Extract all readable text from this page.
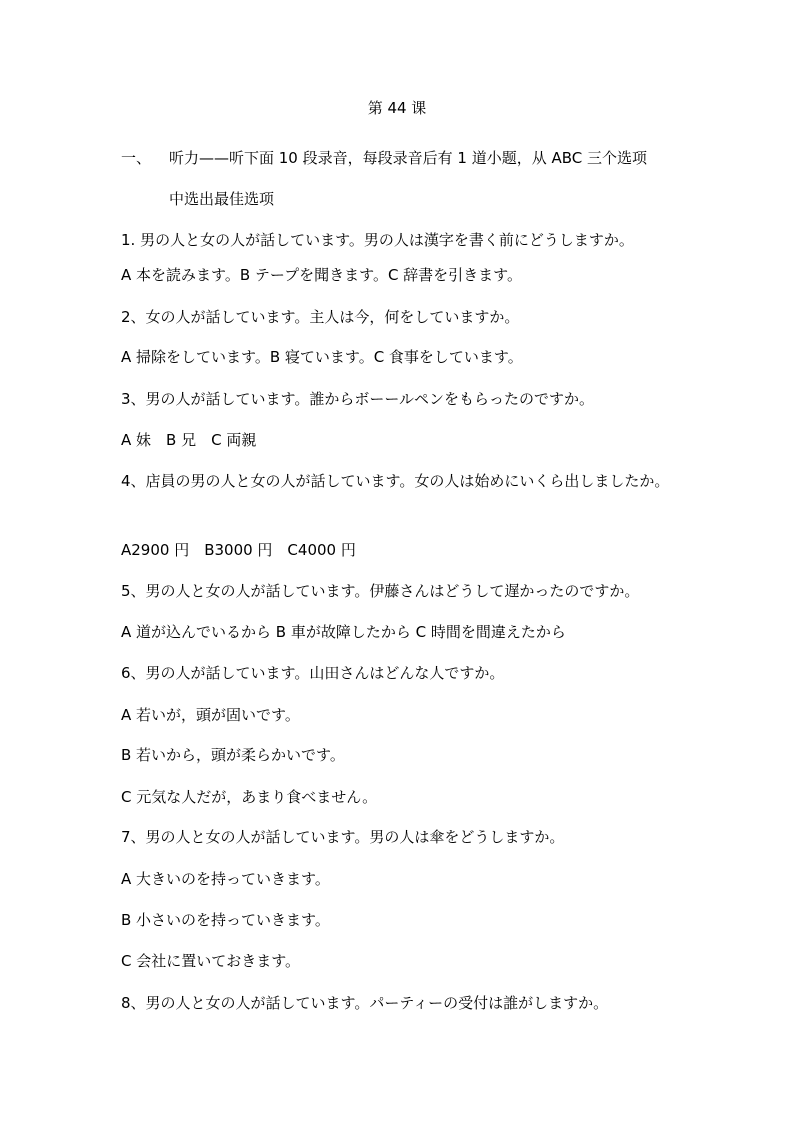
第 44 课
一、 听力——听下面 10 段录音，每段录音后有 1 道小题，从 ABC 三个选项
中选出最佳选项
1. 男の人と女の人が話しています。男の人は漢字を書く前にどうしますか。
A 本を読みます。B テープを聞きます。C 辞書を引きます。
2、女の人が話しています。主人は今，何をしていますか。
A 掃除をしています。B 寝ています。C 食事をしています。
3、男の人が話しています。誰からボーールペンをもらったのですか。
A 妹　B 兄　C 両親
4、店員の男の人と女の人が話しています。女の人は始めにいくら出しましたか。
A2900 円　B3000 円　C4000 円
5、男の人と女の人が話しています。伊藤さんはどうして遅かったのですか。
A 道が込んでいるから B 車が故障したから C 時間を間違えたから
6、男の人が話しています。山田さんはどんな人ですか。
A 若いが，頭が固いです。
B 若いから，頭が柔らかいです。
C 元気な人だが，あまり食べません。
7、男の人と女の人が話しています。男の人は傘をどうしますか。
A 大きいのを持っていきます。
B 小さいのを持っていきます。
C 会社に置いておきます。
8、男の人と女の人が話しています。パーティーの受付は誰がしますか。
